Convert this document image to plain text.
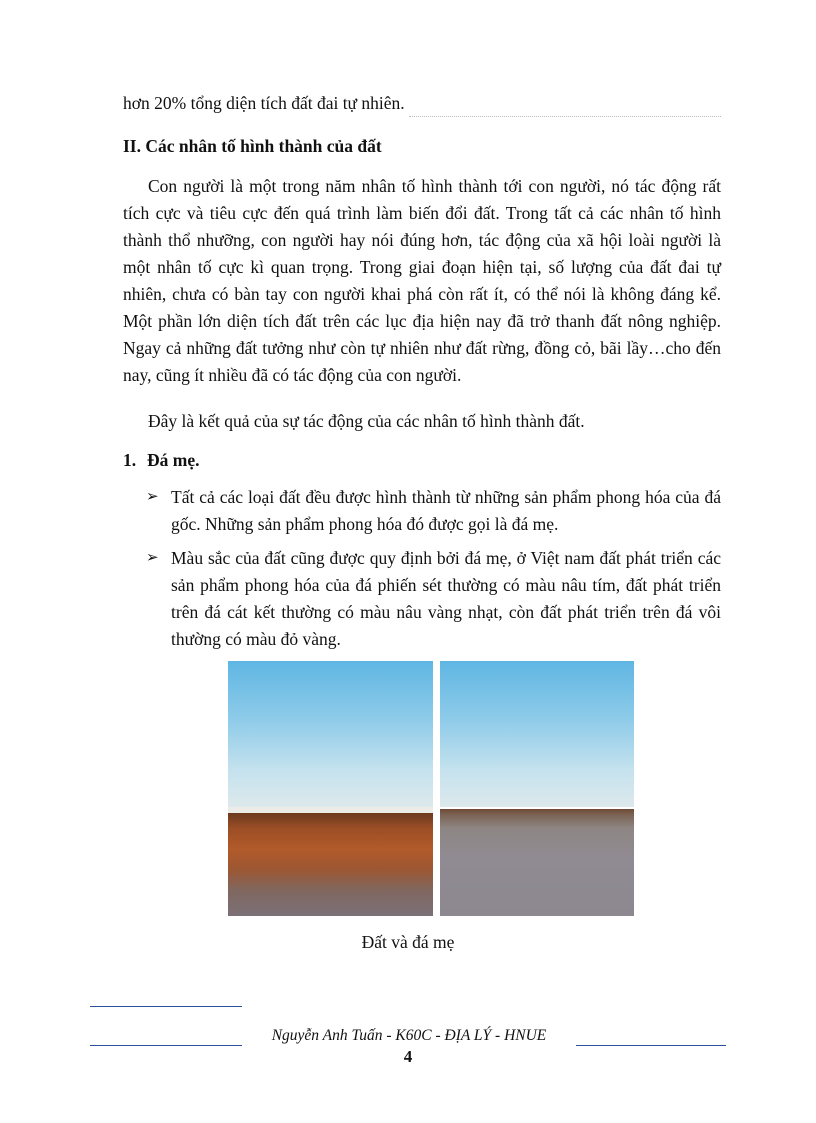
hơn 20% tổng diện tích đất đai tự nhiên.

II. Các nhân tố hình thành của đất

Con người là một trong năm nhân tố hình thành tới con người, nó tác động rất tích cực và tiêu cực đến quá trình làm biến đổi đất. Trong tất cả các nhân tố hình thành thổ nhưỡng, con người hay nói đúng hơn, tác động của xã hội loài người là một nhân tố cực kì quan trọng. Trong giai đoạn hiện tại, số lượng của đất đai tự nhiên, chưa có bàn tay con người khai phá còn rất ít, có thể nói là không đáng kể. Một phần lớn diện tích đất trên các lục địa hiện nay đã trở thanh đất nông nghiệp. Ngay cả những đất tưởng như còn tự nhiên như đất rừng, đồng cỏ, bãi lầy…cho đến nay, cũng ít nhiều đã có tác động của con người.

Đây là kết quả của sự tác động của các nhân tố hình thành đất.

1. Đá mẹ.
➢ Tất cả các loại đất đều được hình thành từ những sản phẩm phong hóa của đá gốc. Những sản phẩm phong hóa đó được gọi là đá mẹ.
➢ Màu sắc của đất cũng được quy định bởi đá mẹ, ở Việt nam đất phát triển các sản phẩm phong hóa của đá phiến sét thường có màu nâu tím, đất phát triển trên đá cát kết thường có màu nâu vàng nhạt, còn đất phát triển trên đá vôi thường có màu đỏ vàng.

Đất và đá mẹ

Nguyễn Anh Tuấn - K60C - ĐỊA LÝ - HNUE

4
